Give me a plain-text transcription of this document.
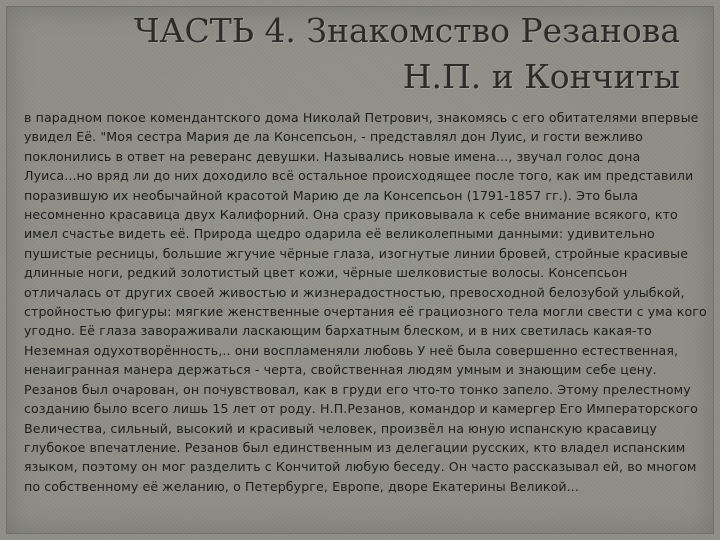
ЧАСТЬ 4. Знакомство Резанова
Н.П. и Кончиты

в парадном покое комендантского дома Николай Петрович, знакомясь с его обитателями впервые увидел Её. "Моя сестра Мария де ла Консепсьон, - представлял дон Луис, и гости вежливо поклонились в ответ на реверанс девушки. Назывались новые имена..., звучал голос дона Луиса...но вряд ли до них доходило всё остальное происходящее после того, как им представили поразившую их необычайной красотой Марию де ла Консепсьон (1791-1857 гг.). Это была несомненно красавица двух Калифорний. Она сразу приковывала к себе внимание всякого, кто имел счастье видеть её. Природа щедро одарила её великолепными данными: удивительно пушистые ресницы, большие жгучие чёрные глаза, изогнутые линии бровей, стройные красивые длинные ноги, редкий золотистый цвет кожи, чёрные шелковистые волосы. Консепсьон отличалась от других своей живостью и жизнерадостностью, превосходной белозубой улыбкой, стройностью фигуры: мягкие женственные очертания её грациозного тела могли свести с ума кого угодно. Её глаза завораживали ласкающим бархатным блеском, и в них светилась какая-то Неземная одухотворённость,.. они воспламеняли любовь У неё была совершенно естественная, ненаигранная манера держаться - черта, свойственная людям умным и знающим себе цену. Резанов был очарован, он почувствовал, как в груди его что-то тонко запело. Этому прелестному созданию было всего лишь 15 лет от роду. Н.П.Резанов, командор и камергер Его Императорского Величества, сильный, высокий и красивый человек, произвёл на юную испанскую красавицу глубокое впечатление. Резанов был единственным из делегации русских, кто владел испанским языком, поэтому он мог разделить с Кончитой любую беседу. Он часто рассказывал ей, во многом по собственному её желанию, о Петербурге, Европе, дворе Екатерины Великой...
